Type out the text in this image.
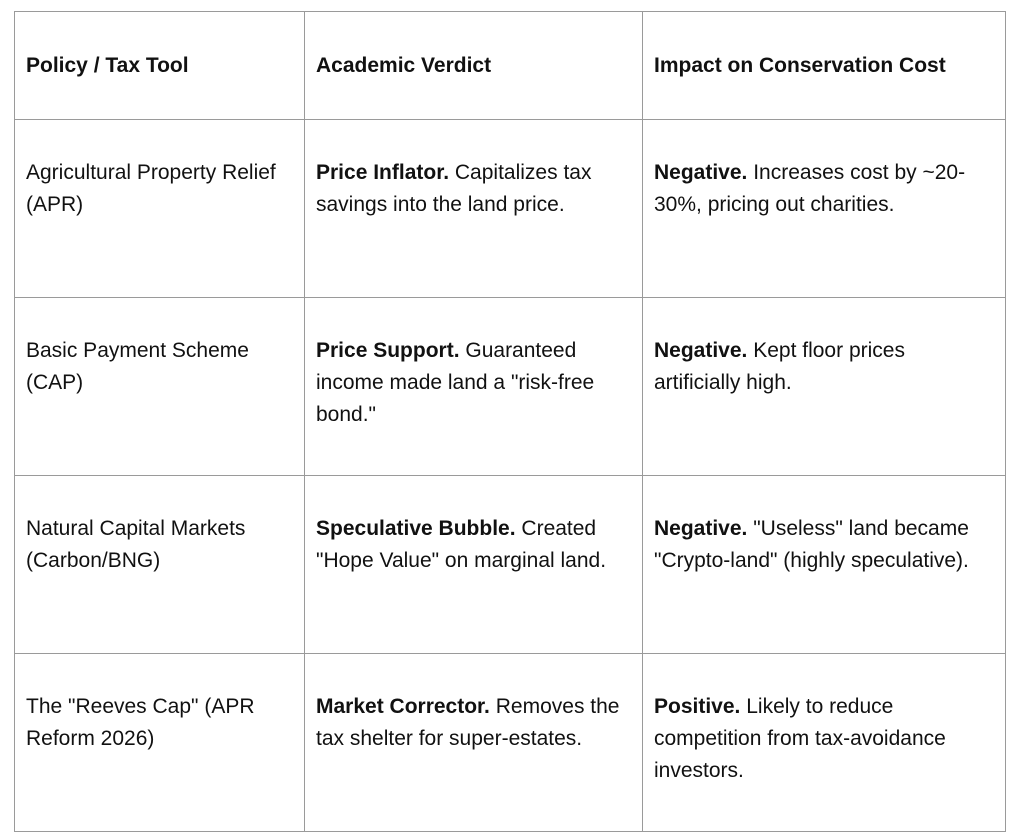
Policy / Tax Tool	Academic Verdict	Impact on Conservation Cost
Agricultural Property Relief (APR)	Price Inflator. Capitalizes tax savings into the land price.	Negative. Increases cost by ~20-30%, pricing out charities.
Basic Payment Scheme (CAP)	Price Support. Guaranteed income made land a "risk-free bond."	Negative. Kept floor prices artificially high.
Natural Capital Markets (Carbon/BNG)	Speculative Bubble. Created "Hope Value" on marginal land.	Negative. "Useless" land became "Crypto-land" (highly speculative).
The "Reeves Cap" (APR Reform 2026)	Market Corrector. Removes the tax shelter for super-estates.	Positive. Likely to reduce competition from tax-avoidance investors.
